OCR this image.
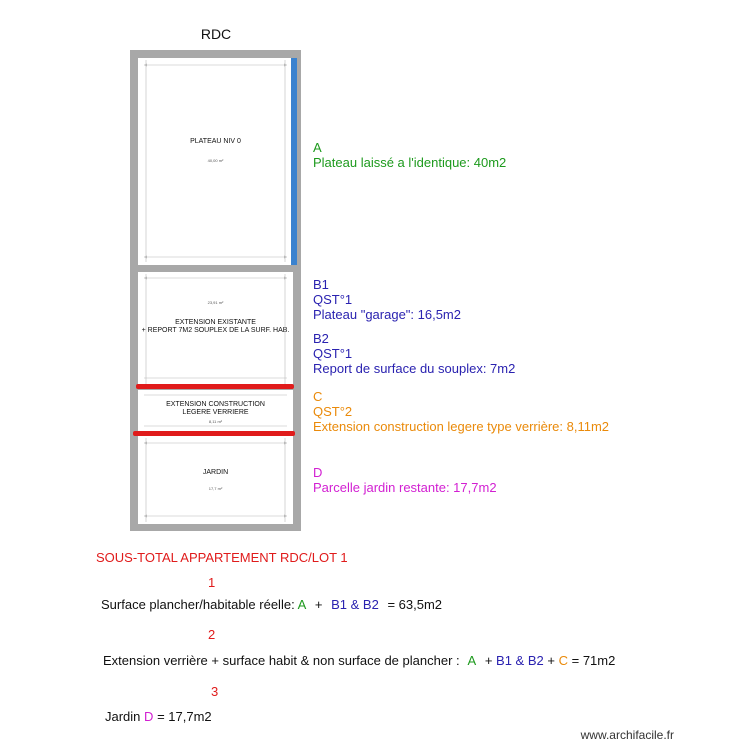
RDC
PLATEAU NIV 0
40,00 m²
23,91 m²
EXTENSION EXISTANTE
+ REPORT 7M2 SOUPLEX DE LA SURF. HAB.
EXTENSION CONSTRUCTION
LEGERE VERRIERE
8,11 m²
JARDIN
17,7 m²
A
Plateau laissé a l'identique: 40m2
B1
QST°1
Plateau "garage": 16,5m2
B2
QST°1
Report de surface du souplex: 7m2
C
QST°2
Extension construction legere type verrière: 8,11m2
D
Parcelle jardin restante: 17,7m2
SOUS-TOTAL APPARTEMENT RDC/LOT 1
1
Surface plancher/habitable réelle: A + B1 & B2 = 63,5m2
2
Extension verrière + surface habit & non surface de plancher : A + B1 & B2 + C = 71m2
3
Jardin D = 17,7m2
www.archifacile.fr
